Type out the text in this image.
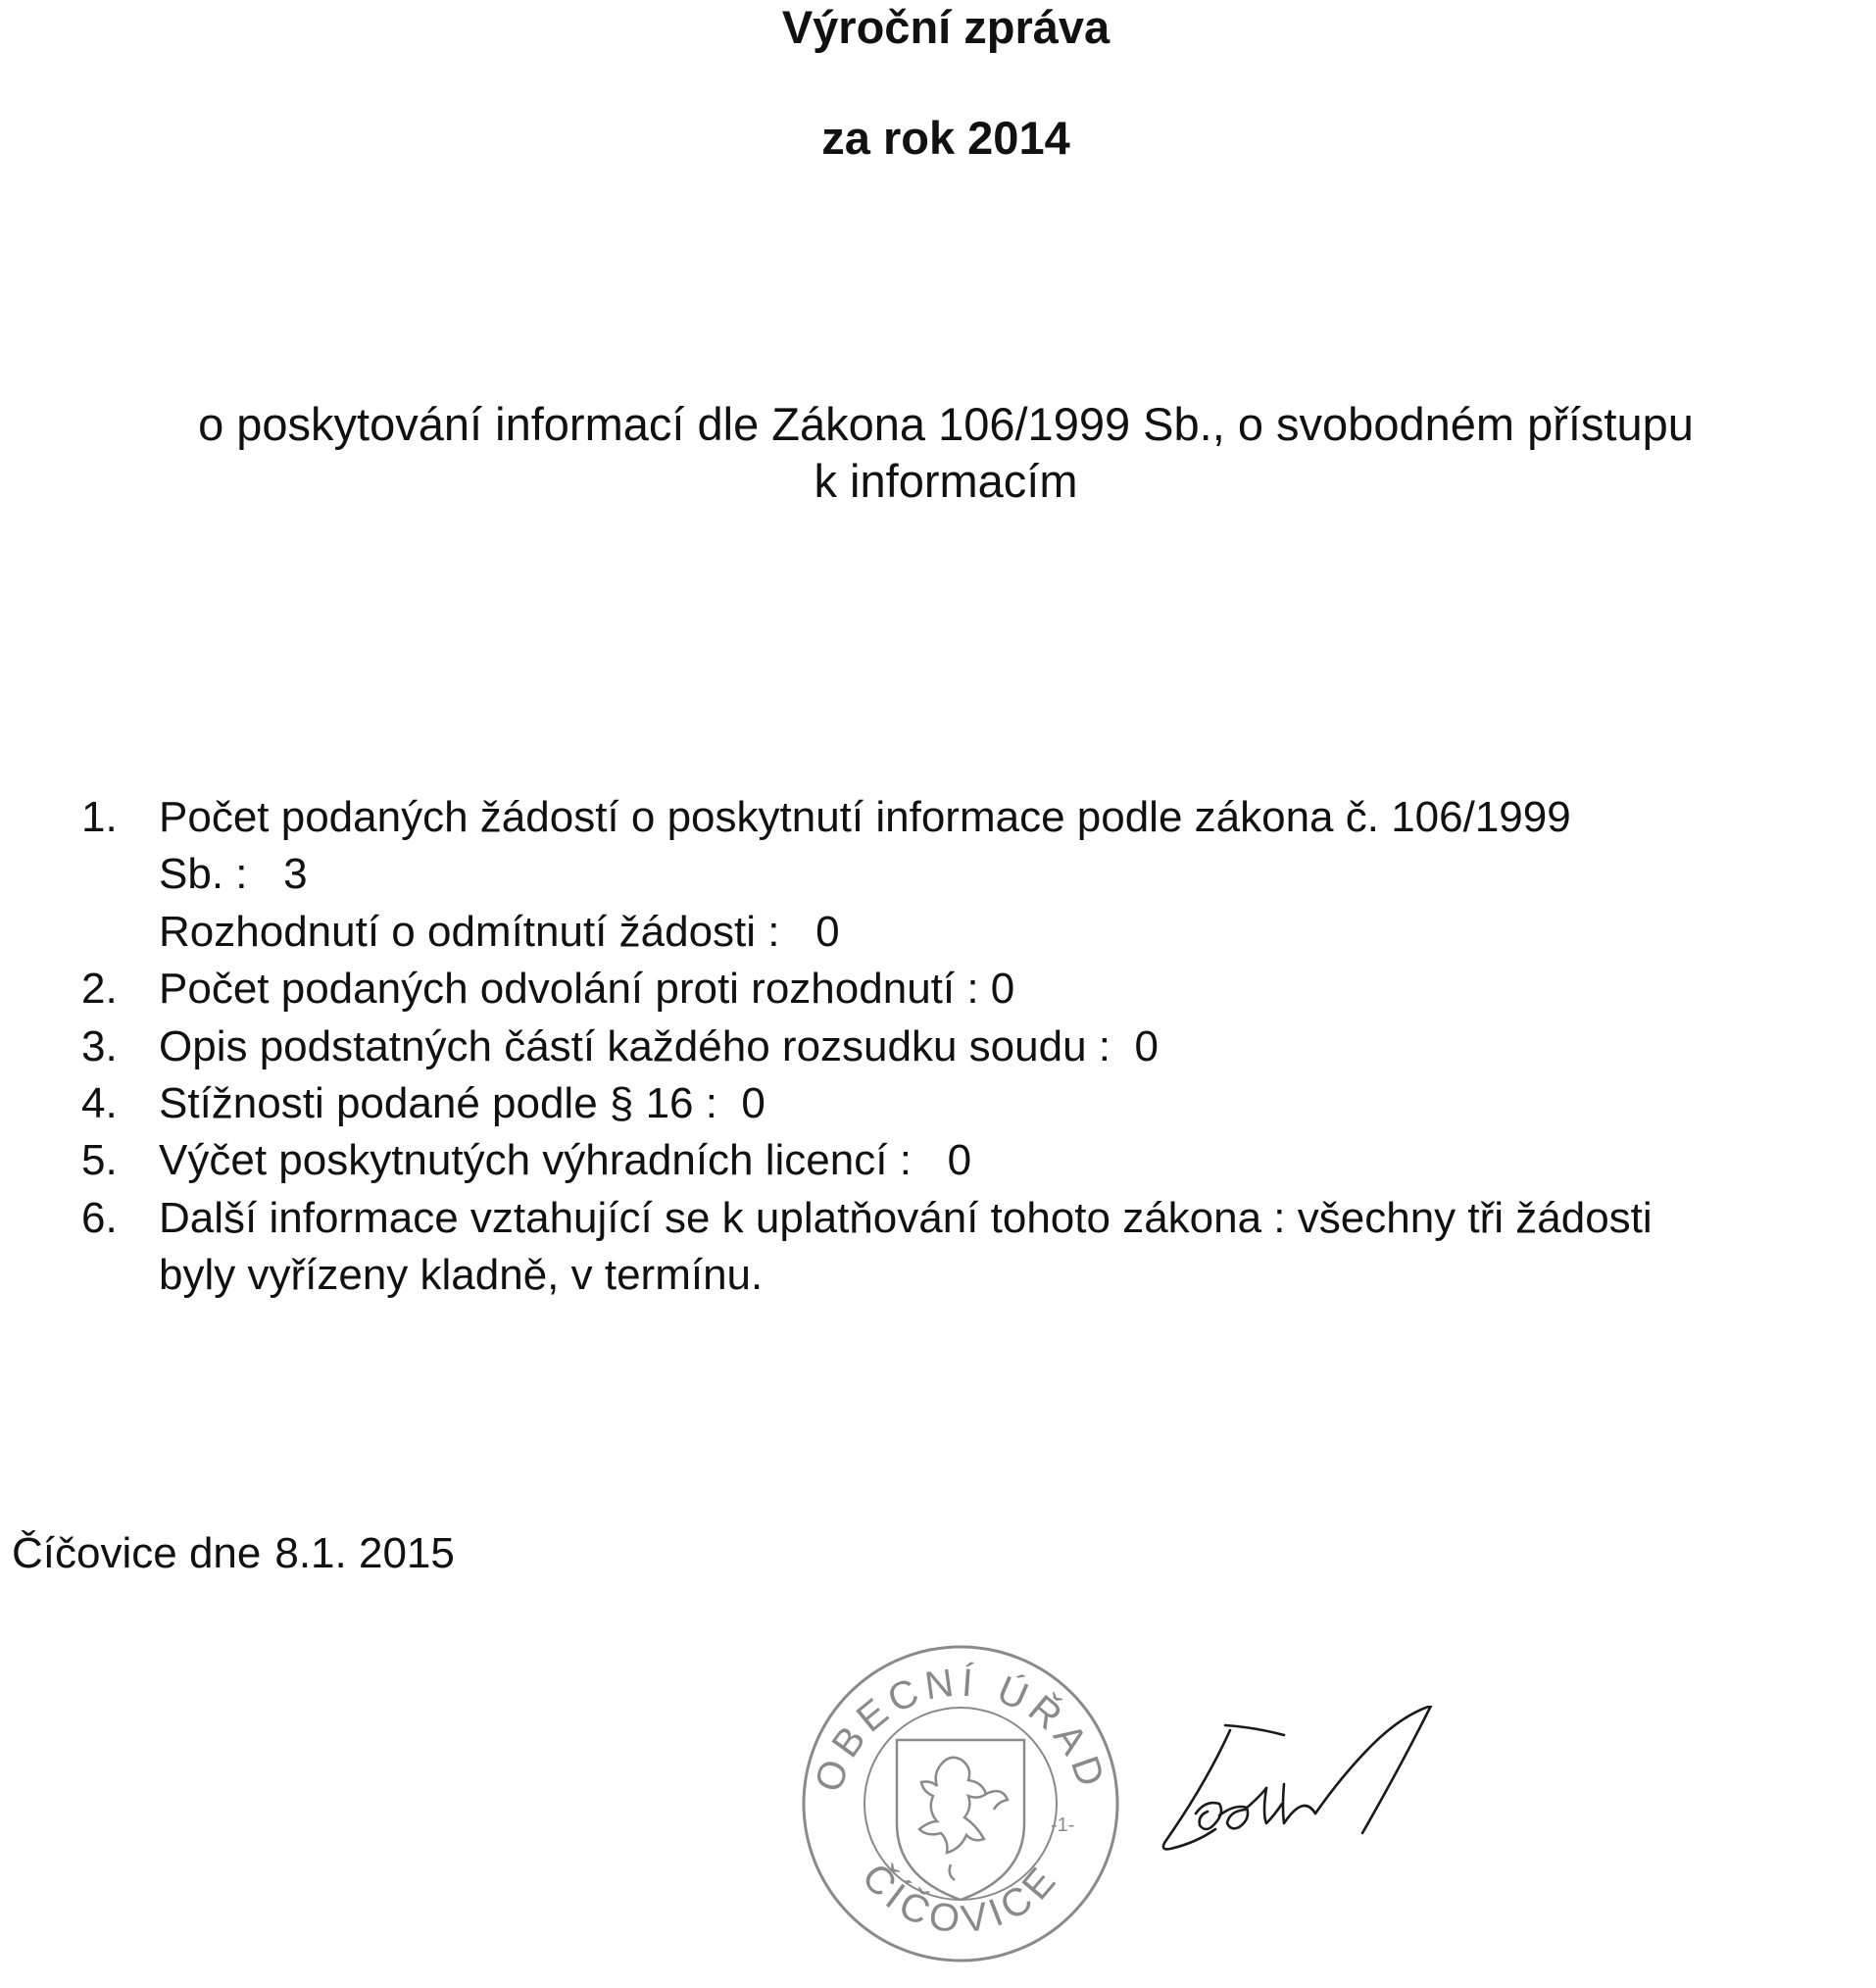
Výroční zpráva
za rok 2014
o poskytování informací dle Zákona 106/1999 Sb., o svobodném přístupu
k informacím
1. Počet podaných žádostí o poskytnutí informace podle zákona č. 106/1999
Sb. :   3
Rozhodnutí o odmítnutí žádosti :   0
2. Počet podaných odvolání proti rozhodnutí : 0
3. Opis podstatných částí každého rozsudku soudu :  0
4. Stížnosti podané podle § 16 :  0
5. Výčet poskytnutých výhradních licencí :   0
6. Další informace vztahující se k uplatňování tohoto zákona : všechny tři žádosti
byly vyřízeny kladně, v termínu.
Číčovice dne 8.1. 2015
OBECNÍ ÚŘAD
ČÍČOVICE
-1-
